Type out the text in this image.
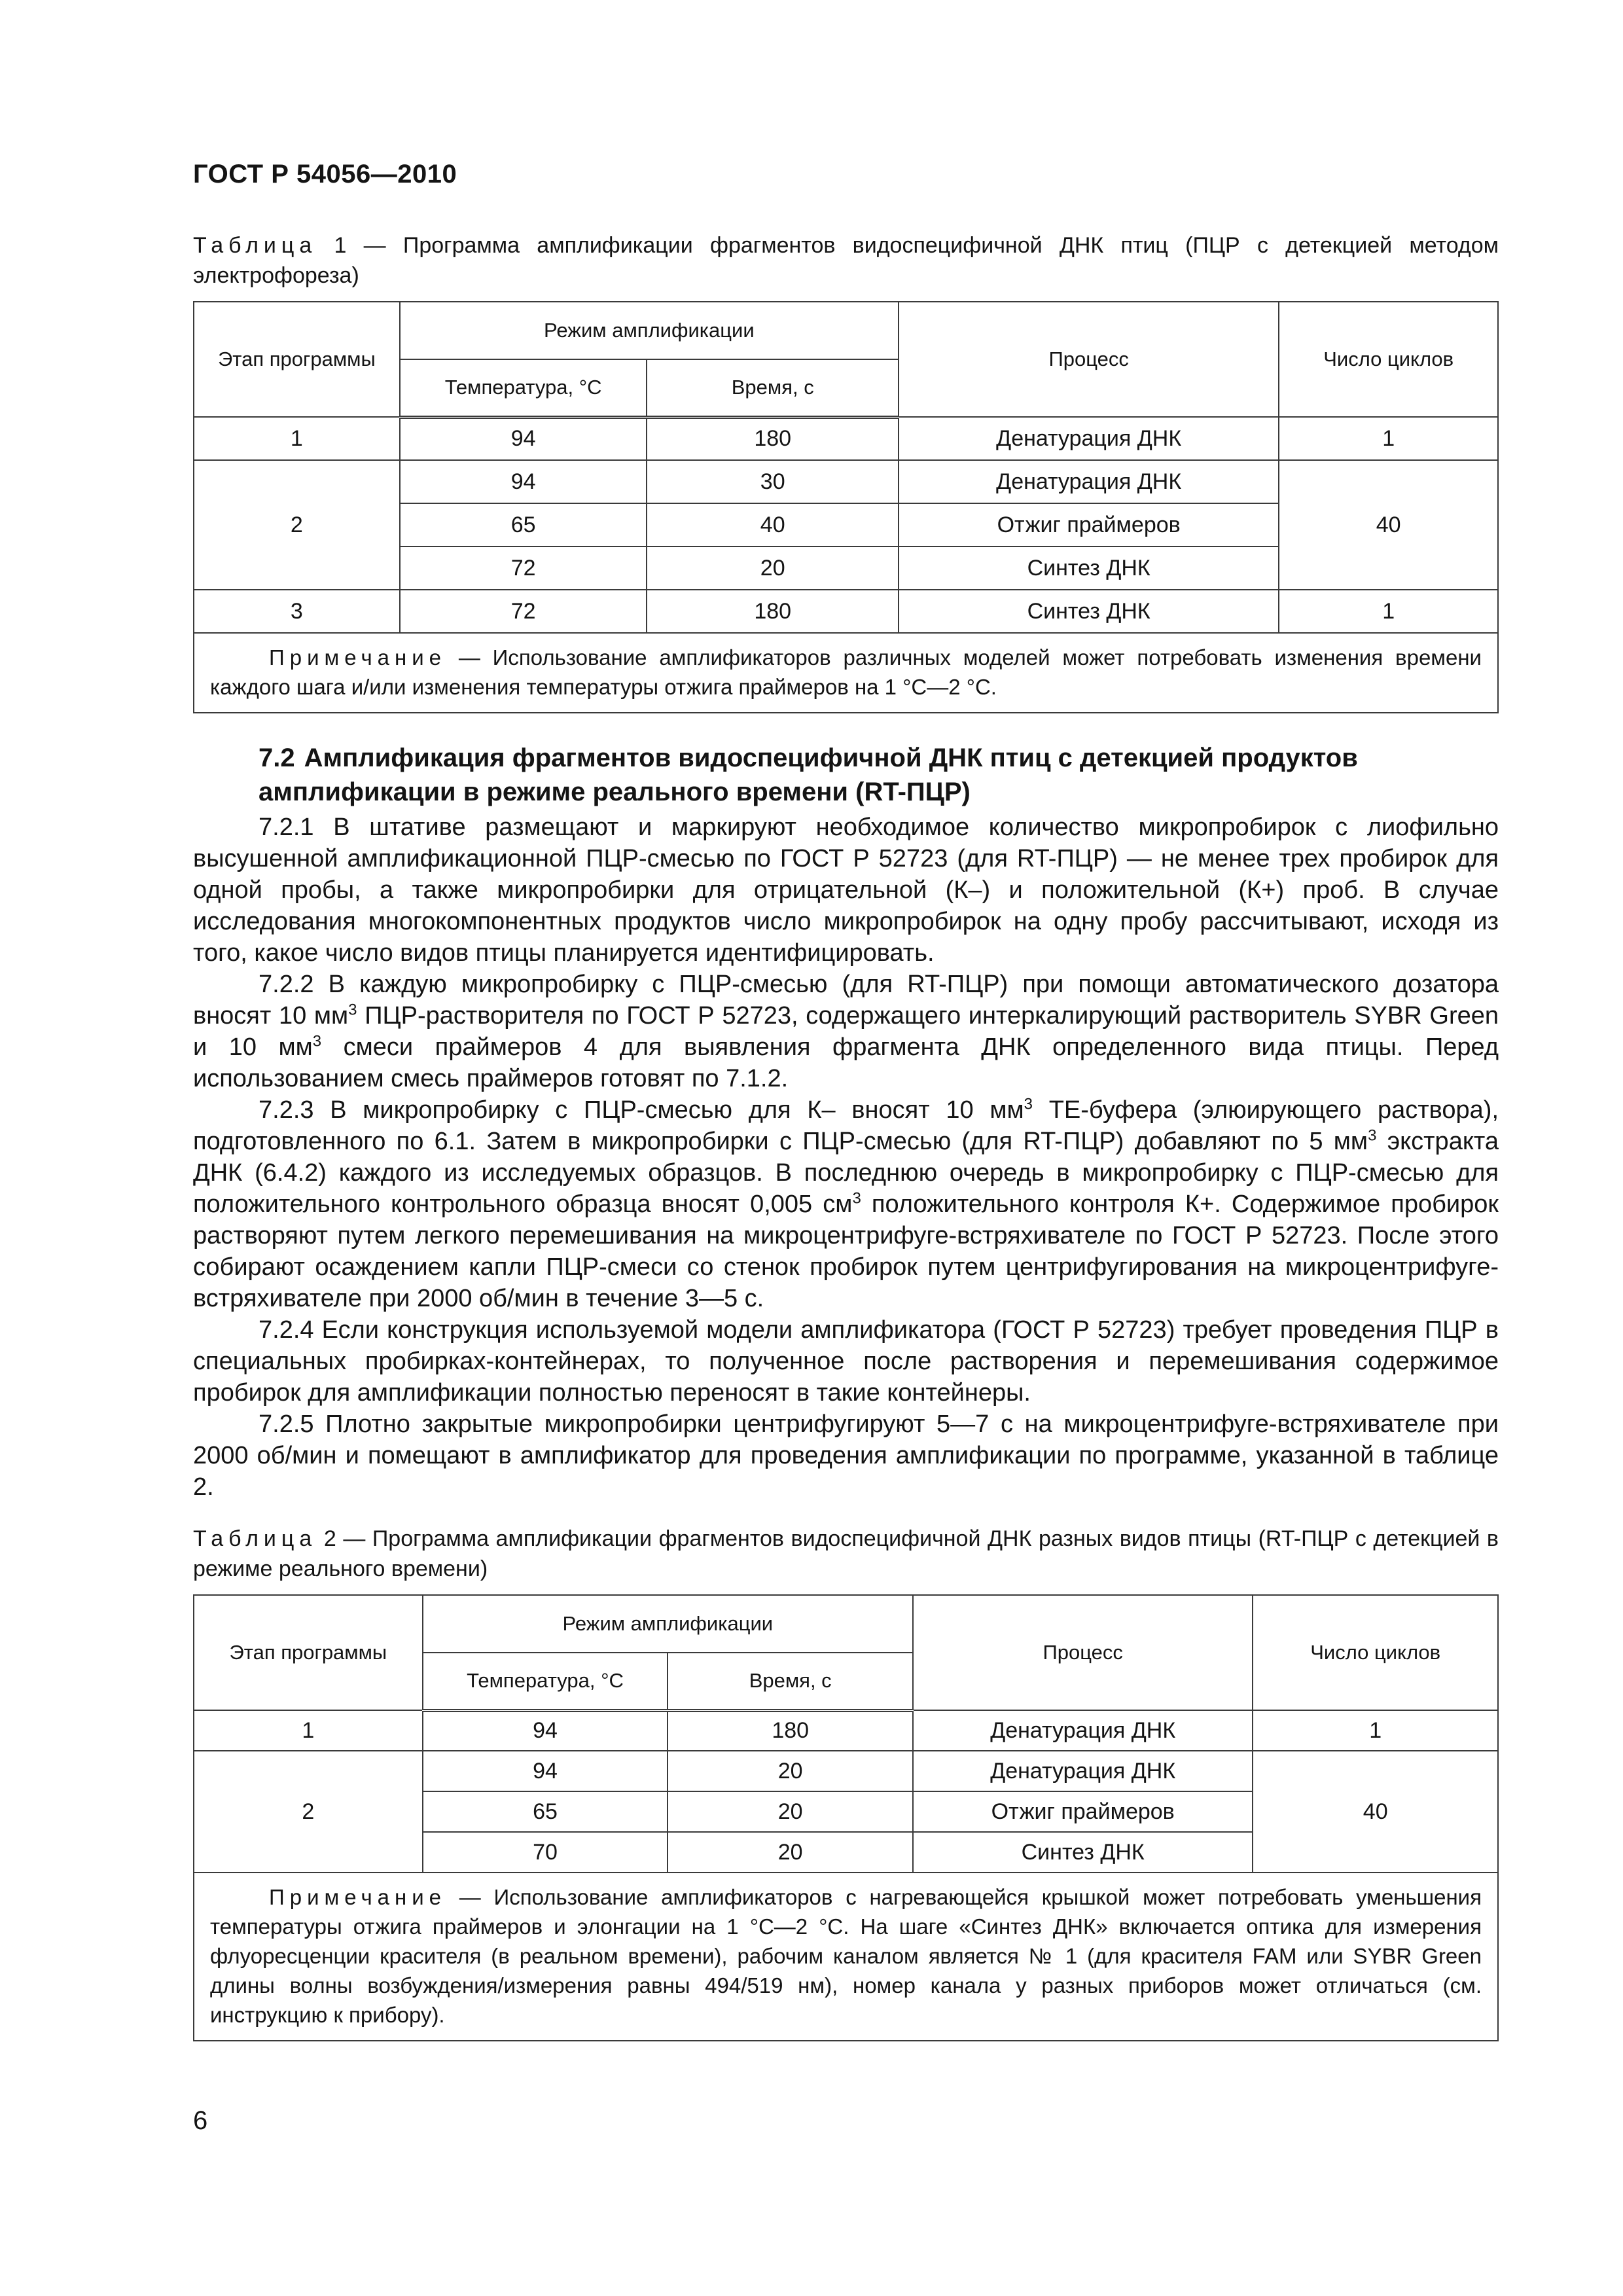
ГОСТ Р 54056—2010
Таблица 1 — Программа амплификации фрагментов видоспецифичной ДНК птиц (ПЦР с детекцией методом электрофореза)
Этап программы	Режим амплификации		Процесс	Число циклов
	Температура, °С	Время, с		
1	94	180	Денатурация ДНК	1
2	94	30	Денатурация ДНК	40
	65	40	Отжиг праймеров	
	72	20	Синтез ДНК	
3	72	180	Синтез ДНК	1

Примечание — Использование амплификаторов различных моделей может потребовать изменения времени каждого шага и/или изменения температуры отжига праймеров на 1 °С—2 °С.				
7.2 Амплификация фрагментов видоспецифичной ДНК птиц с детекцией продуктов амплификации в режиме реального времени (RT-ПЦР)

7.2.1 В штативе размещают и маркируют необходимое количество микропробирок с лиофильно высушенной амплификационной ПЦР-смесью по ГОСТ Р 52723 (для RT-ПЦР) — не менее трех пробирок для одной пробы, а также микропробирки для отрицательной (К–) и положительной (К+) проб. В случае исследования многокомпонентных продуктов число микропробирок на одну пробу рассчитывают, исходя из того, какое число видов птицы планируется идентифицировать.

7.2.2 В каждую микропробирку с ПЦР-смесью (для RT-ПЦР) при помощи автоматического дозатора вносят 10 $мм^3$ ПЦР-растворителя по ГОСТ Р 52723, содержащего интеркалирующий растворитель SYBR Green и 10 $мм^3$ смеси праймеров 4 для выявления фрагмента ДНК определенного вида птицы. Перед использованием смесь праймеров готовят по 7.1.2.

7.2.3 В микропробирку с ПЦР-смесью для К– вносят 10 $мм^3$ ТЕ-буфера (элюирующего раствора), подготовленного по 6.1. Затем в микропробирки с ПЦР-смесью (для RT-ПЦР) добавляют по 5 $мм^3$ экстракта ДНК (6.4.2) каждого из исследуемых образцов. В последнюю очередь в микропробирку с ПЦР-смесью для положительного контрольного образца вносят 0,005 $см^3$ положительного контроля К+. Содержимое пробирок растворяют путем легкого перемешивания на микроцентрифуге-встряхивателе по ГОСТ Р 52723. После этого собирают осаждением капли ПЦР-смеси со стенок пробирок путем центрифугирования на микроцентрифуге-встряхивателе при 2000 об/мин в течение 3—5 с.

7.2.4 Если конструкция используемой модели амплификатора (ГОСТ Р 52723) требует проведения ПЦР в специальных пробирках-контейнерах, то полученное после растворения и перемешивания содержимое пробирок для амплификации полностью переносят в такие контейнеры.

7.2.5 Плотно закрытые микропробирки центрифугируют 5—7 с на микроцентрифуге-встряхивателе при 2000 об/мин и помещают в амплификатор для проведения амплификации по программе, указанной в таблице 2.

Таблица 2 — Программа амплификации фрагментов видоспецифичной ДНК разных видов птицы (RT-ПЦР с детекцией в режиме реального времени)
Этап программы	Режим амплификации		Процесс	Число циклов
	Температура, °С	Время, с		
1	94	180	Денатурация ДНК	1
2	94	20	Денатурация ДНК	40
	65	20	Отжиг праймеров	
	70	20	Синтез ДНК	

Примечание — Использование амплификаторов с нагревающейся крышкой может потребовать уменьшения температуры отжига праймеров и элонгации на 1 °С—2 °С. На шаге «Синтез ДНК» включается оптика для измерения флуоресценции красителя (в реальном времени), рабочим каналом является № 1 (для красителя FAM или SYBR Green длины волны возбуждения/измерения равны 494/519 нм), номер канала у разных приборов может отличаться (см. инструкцию к прибору).				
6
